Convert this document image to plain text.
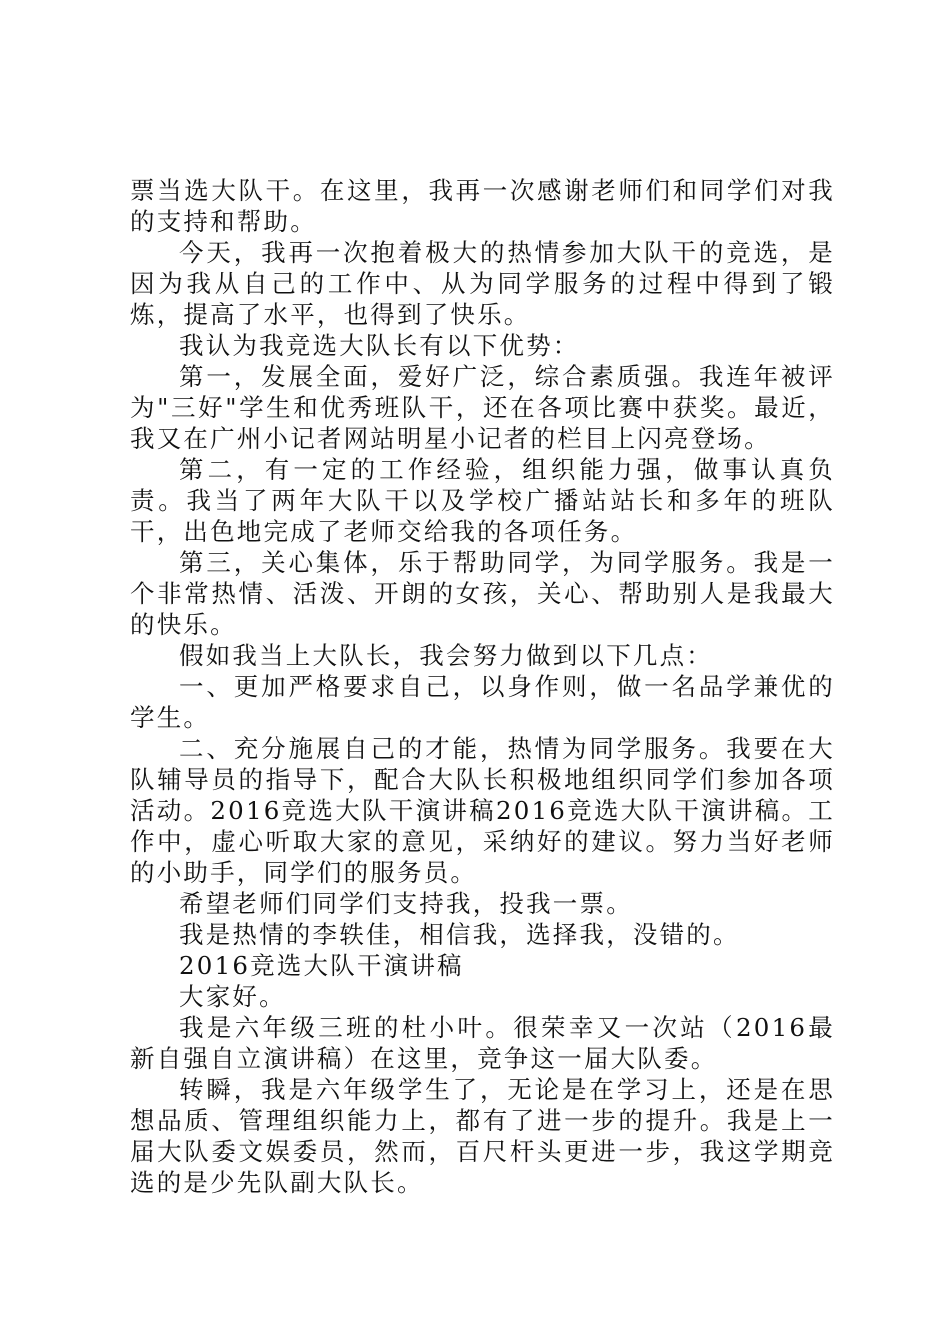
票当选大队干。在这里，我再一次感谢老师们和同学们对我的支持和帮助。

今天，我再一次抱着极大的热情参加大队干的竞选，是因为我从自己的工作中、从为同学服务的过程中得到了锻炼，提高了水平，也得到了快乐。

我认为我竞选大队长有以下优势：

第一，发展全面，爱好广泛，综合素质强。我连年被评为"三好"学生和优秀班队干，还在各项比赛中获奖。最近，我又在广州小记者网站明星小记者的栏目上闪亮登场。

第二，有一定的工作经验，组织能力强，做事认真负责。我当了两年大队干以及学校广播站站长和多年的班队干，出色地完成了老师交给我的各项任务。

第三，关心集体，乐于帮助同学，为同学服务。我是一个非常热情、活泼、开朗的女孩，关心、帮助别人是我最大的快乐。

假如我当上大队长，我会努力做到以下几点：

一、更加严格要求自己，以身作则，做一名品学兼优的学生。

二、充分施展自己的才能，热情为同学服务。我要在大队辅导员的指导下，配合大队长积极地组织同学们参加各项活动。2016竞选大队干演讲稿2016竞选大队干演讲稿。工作中，虚心听取大家的意见，采纳好的建议。努力当好老师的小助手，同学们的服务员。

希望老师们同学们支持我，投我一票。

我是热情的李轶佳，相信我，选择我，没错的。

2016竞选大队干演讲稿

大家好。

我是六年级三班的杜小叶。很荣幸又一次站（2016最新自强自立演讲稿）在这里，竞争这一届大队委。

转瞬，我是六年级学生了，无论是在学习上，还是在思想品质、管理组织能力上，都有了进一步的提升。我是上一届大队委文娱委员，然而，百尺杆头更进一步，我这学期竞选的是少先队副大队长。
